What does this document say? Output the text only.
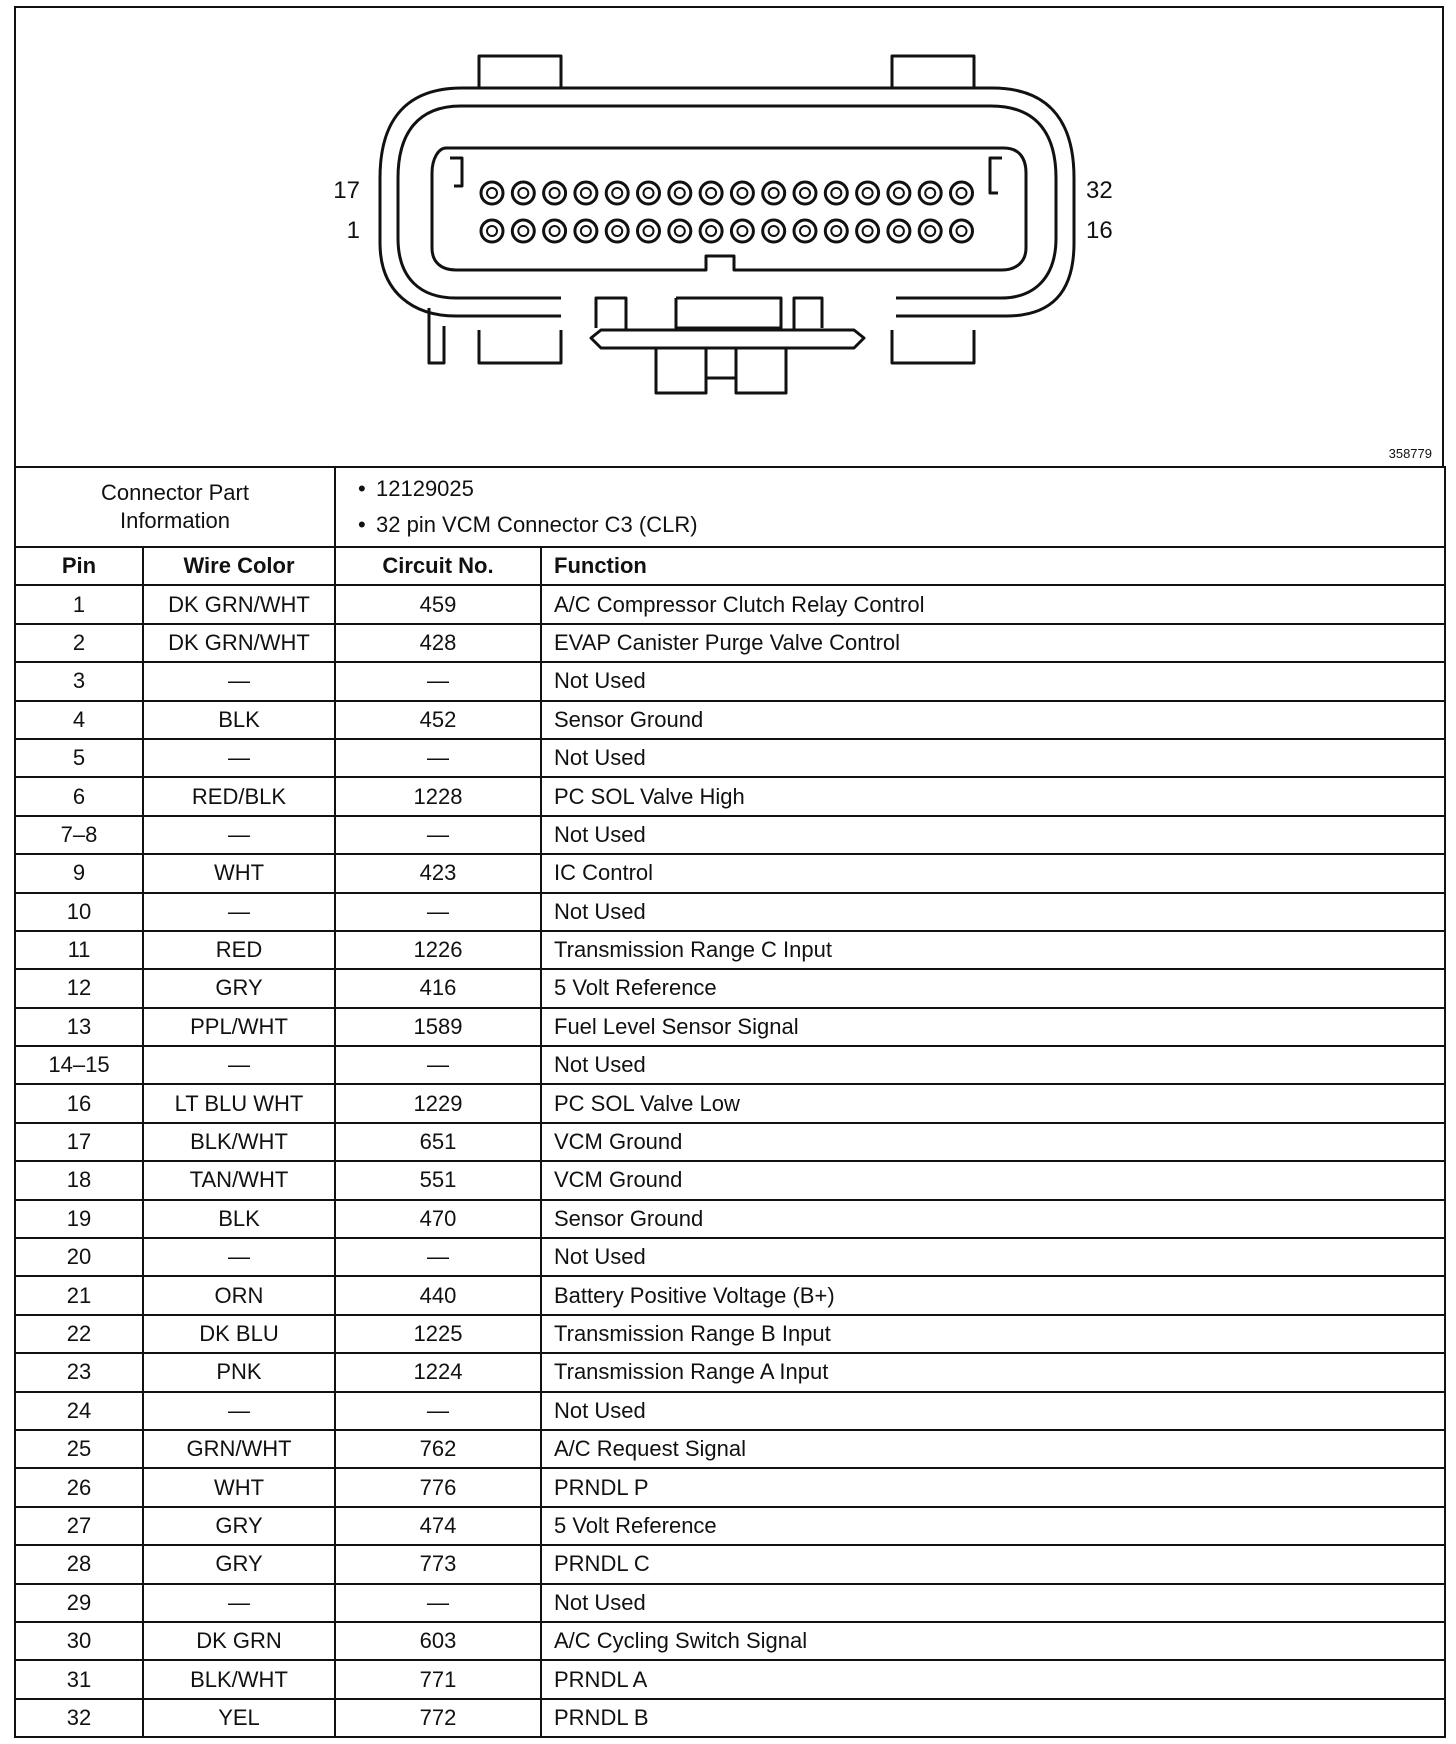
17
1
32
16
358779
Connector Part Information		• 12129025
• 32 pin VCM Connector C3 (CLR)

Pin	Wire Color	Circuit No.	Function
1	DK GRN/WHT	459	A/C Compressor Clutch Relay Control
2	DK GRN/WHT	428	EVAP Canister Purge Valve Control
3	—	—	Not Used
4	BLK	452	Sensor Ground
5	—	—	Not Used
6	RED/BLK	1228	PC SOL Valve High
7–8	—	—	Not Used
9	WHT	423	IC Control
10	—	—	Not Used
11	RED	1226	Transmission Range C Input
12	GRY	416	5 Volt Reference
13	PPL/WHT	1589	Fuel Level Sensor Signal
14–15	—	—	Not Used
16	LT BLU WHT	1229	PC SOL Valve Low
17	BLK/WHT	651	VCM Ground
18	TAN/WHT	551	VCM Ground
19	BLK	470	Sensor Ground
20	—	—	Not Used
21	ORN	440	Battery Positive Voltage (B+)
22	DK BLU	1225	Transmission Range B Input
23	PNK	1224	Transmission Range A Input
24	—	—	Not Used
25	GRN/WHT	762	A/C Request Signal
26	WHT	776	PRNDL P
27	GRY	474	5 Volt Reference
28	GRY	773	PRNDL C
29	—	—	Not Used
30	DK GRN	603	A/C Cycling Switch Signal
31	BLK/WHT	771	PRNDL A
32	YEL	772	PRNDL B
